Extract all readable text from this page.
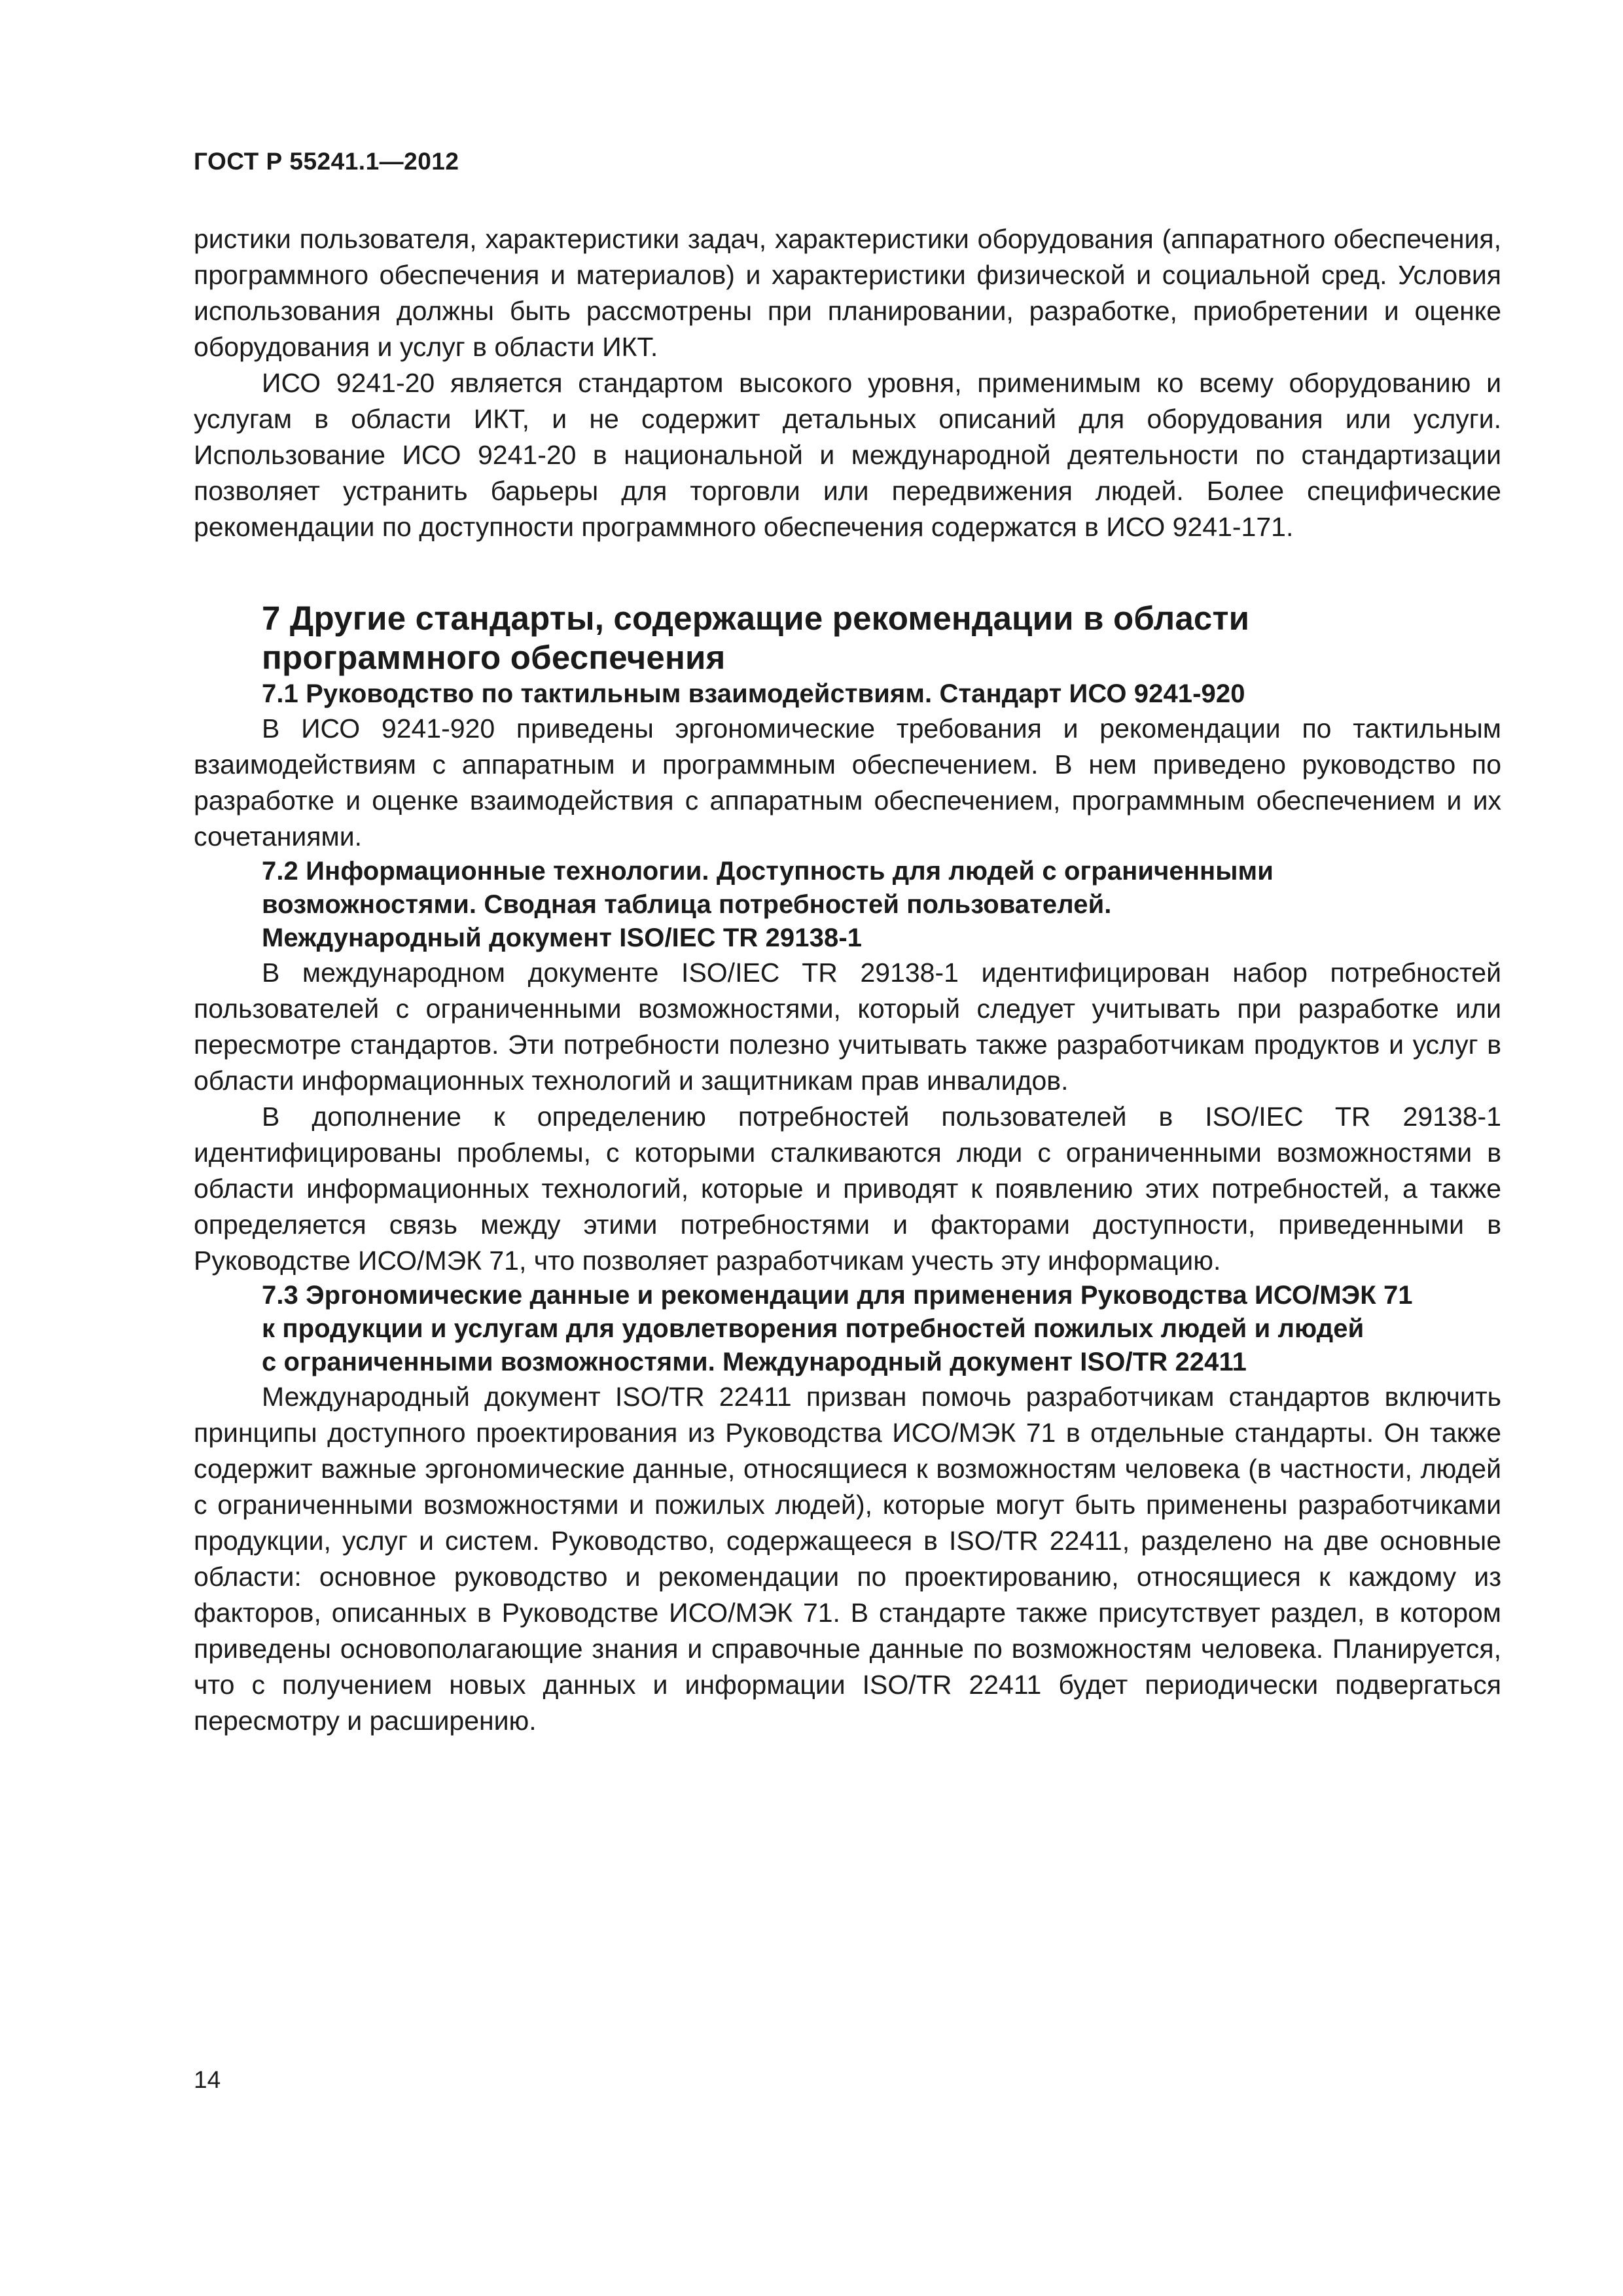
ГОСТ Р 55241.1—2012

ристики пользователя, характеристики задач, характеристики оборудования (аппаратного обеспечения, программного обеспечения и материалов) и характеристики физической и социальной сред. Условия использования должны быть рассмотрены при планировании, разработке, приобретении и оценке оборудования и услуг в области ИКТ.

ИСО 9241-20 является стандартом высокого уровня, применимым ко всему оборудованию и услугам в области ИКТ, и не содержит детальных описаний для оборудования или услуги. Использование ИСО 9241-20 в национальной и международной деятельности по стандартизации позволяет устранить барьеры для торговли или передвижения людей. Более специфические рекомендации по доступности программного обеспечения содержатся в ИСО 9241-171.

7 Другие стандарты, содержащие рекомендации в области
программного обеспечения
7.1 Руководство по тактильным взаимодействиям. Стандарт ИСО 9241-920

В ИСО 9241-920 приведены эргономические требования и рекомендации по тактильным взаимодействиям с аппаратным и программным обеспечением. В нем приведено руководство по разработке и оценке взаимодействия с аппаратным обеспечением, программным обеспечением и их сочетаниями.

7.2 Информационные технологии. Доступность для людей с ограниченными
возможностями. Сводная таблица потребностей пользователей.
Международный документ ISO/IEC TR 29138-1

В международном документе ISO/IEC TR 29138-1 идентифицирован набор потребностей пользователей с ограниченными возможностями, который следует учитывать при разработке или пересмотре стандартов. Эти потребности полезно учитывать также разработчикам продуктов и услуг в области информационных технологий и защитникам прав инвалидов.

В дополнение к определению потребностей пользователей в ISO/IEC TR 29138-1 идентифицированы проблемы, с которыми сталкиваются люди с ограниченными возможностями в области информационных технологий, которые и приводят к появлению этих потребностей, а также определяется связь между этими потребностями и факторами доступности, приведенными в Руководстве ИСО/МЭК 71, что позволяет разработчикам учесть эту информацию.

7.3 Эргономические данные и рекомендации для применения Руководства ИСО/МЭК 71
к продукции и услугам для удовлетворения потребностей пожилых людей и людей
с ограниченными возможностями. Международный документ ISO/TR 22411

Международный документ ISO/TR 22411 призван помочь разработчикам стандартов включить принципы доступного проектирования из Руководства ИСО/МЭК 71 в отдельные стандарты. Он также содержит важные эргономические данные, относящиеся к возможностям человека (в частности, людей с ограниченными возможностями и пожилых людей), которые могут быть применены разработчиками продукции, услуг и систем. Руководство, содержащееся в ISO/TR 22411, разделено на две основные области: основное руководство и рекомендации по проектированию, относящиеся к каждому из факторов, описанных в Руководстве ИСО/МЭК 71. В стандарте также присутствует раздел, в котором приведены основополагающие знания и справочные данные по возможностям человека. Планируется, что с получением новых данных и информации ISO/TR 22411 будет периодически подвергаться пересмотру и расширению.

14
